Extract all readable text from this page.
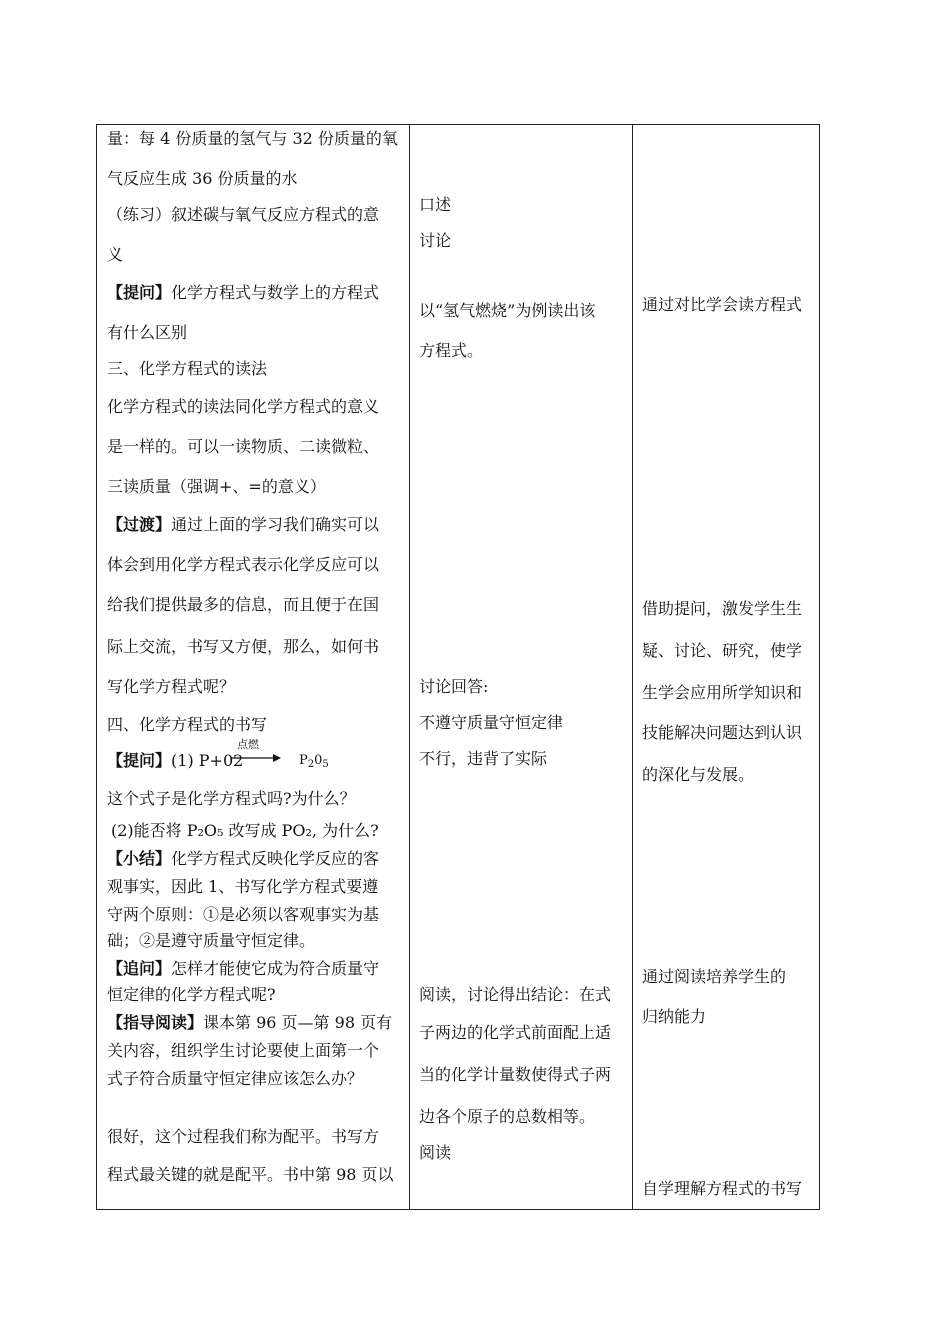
量：每 4 份质量的氢气与 32 份质量的氧
气反应生成 36 份质量的水
（练习）叙述碳与氧气反应方程式的意
义
【提问】化学方程式与数学上的方程式
有什么区别
三、化学方程式的读法
化学方程式的读法同化学方程式的意义
是一样的。可以一读物质、二读微粒、
三读质量（强调+、=的意义）
【过渡】通过上面的学习我们确实可以
体会到用化学方程式表示化学反应可以
给我们提供最多的信息，而且便于在国
际上交流，书写又方便，那么，如何书
写化学方程式呢？
四、化学方程式的书写
【提问】(1) P+02
点燃
$P_20_5$
这个式子是化学方程式吗?为什么？
(2)能否将 P₂O₅ 改写成 PO₂, 为什么?
【小结】化学方程式反映化学反应的客
观事实，因此 1、书写化学方程式要遵
守两个原则：①是必须以客观事实为基
础；②是遵守质量守恒定律。
【追问】怎样才能使它成为符合质量守
恒定律的化学方程式呢?
【指导阅读】课本第 96 页—第 98 页有
关内容，组织学生讨论要使上面第一个
式子符合质量守恒定律应该怎么办？
很好，这个过程我们称为配平。书写方
程式最关键的就是配平。书中第 98 页以
口述
讨论
以“氢气燃烧”为例读出该
方程式。
讨论回答:
不遵守质量守恒定律
不行，违背了实际
阅读，讨论得出结论：在式
子两边的化学式前面配上适
当的化学计量数使得式子两
边各个原子的总数相等。
阅读
通过对比学会读方程式
借助提问，激发学生生
疑、讨论、研究，使学
生学会应用所学知识和
技能解决问题达到认识
的深化与发展。
通过阅读培养学生的
归纳能力
自学理解方程式的书写
